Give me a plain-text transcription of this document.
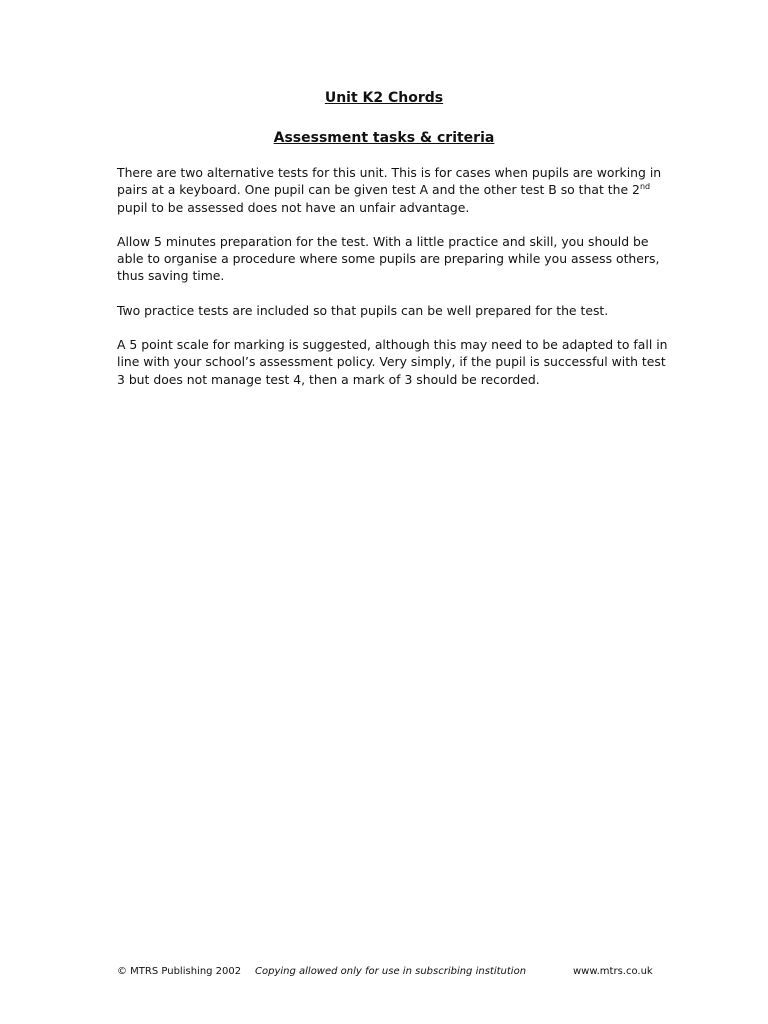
Unit K2 Chords
Assessment tasks & criteria

There are two alternative tests for this unit. This is for cases when pupils are working in pairs at a keyboard. One pupil can be given test A and the other test B so that the 2nd pupil to be assessed does not have an unfair advantage.

Allow 5 minutes preparation for the test. With a little practice and skill, you should be able to organise a procedure where some pupils are preparing while you assess others, thus saving time.

Two practice tests are included so that pupils can be well prepared for the test.

A 5 point scale for marking is suggested, although this may need to be adapted to fall in line with your school’s assessment policy. Very simply, if the pupil is successful with test 3 but does not manage test 4, then a mark of 3 should be recorded.

© MTRS Publishing 2002 Copying allowed only for use in subscribing institution	www.mtrs.co.uk
